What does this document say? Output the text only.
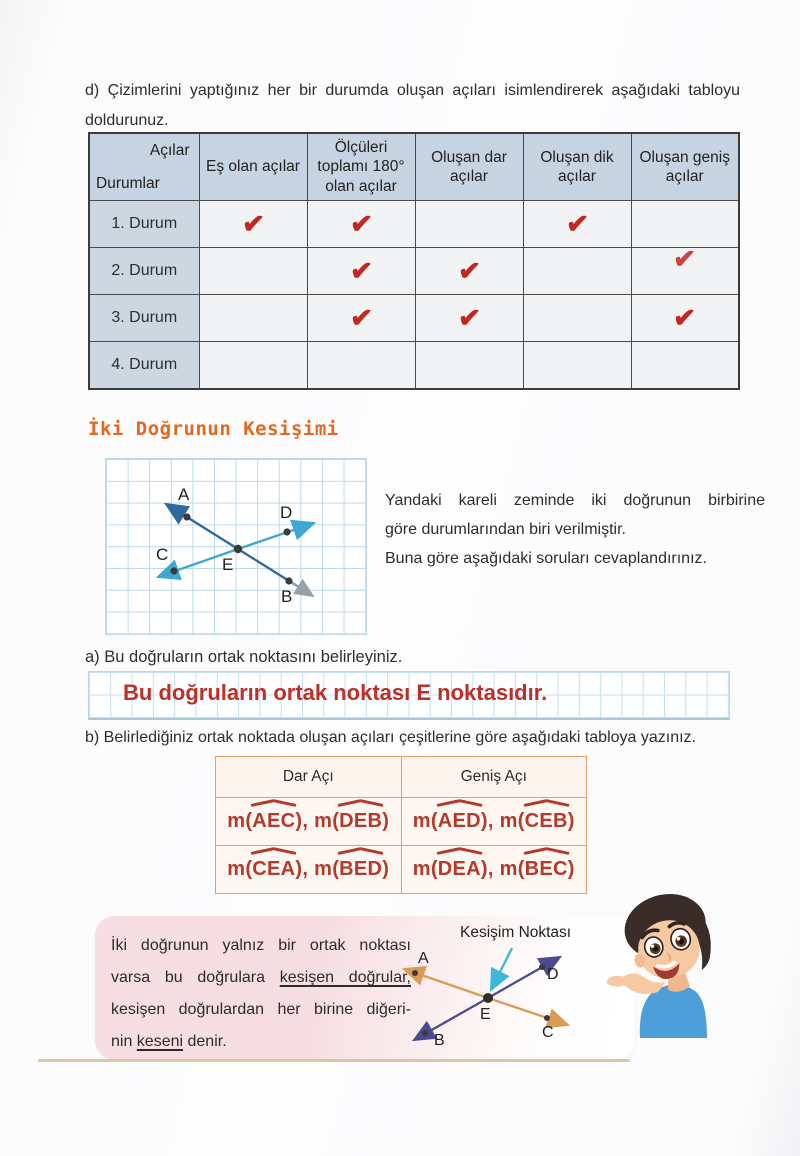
d) Çizimlerini yaptığınız her bir durumda oluşan açıları isimlendirerek aşağıdaki tabloyu
doldurunuz.
Açılar
Durumlar	Eş olan açılar	Ölçüleri toplamı 180° olan açılar	Oluşan dar açılar	Oluşan dik açılar	Oluşan geniş açılar
1. Durum	✔	✔		✔	
2. Durum		✔	✔		✔
3. Durum		✔	✔		✔
4. Durum					
İki Doğrunun Kesişimi
A
D
C
E
B
Yandaki kareli zeminde iki doğrunun birbirine
göre durumlarından biri verilmiştir.
Buna göre aşağıdaki soruları cevaplandırınız.
a) Bu doğruların ortak noktasını belirleyiniz.
Bu doğruların ortak noktası E noktasıdır.
b) Belirlediğiniz ortak noktada oluşan açıları çeşitlerine göre aşağıdaki tabloya yazınız.
Dar Açı	Geniş Açı
m(AEC), m(DEB)	m(AED), m(CEB)
m(CEA), m(BED)	m(DEA), m(BEC)
İki doğrunun yalnız bir ortak noktası
varsa bu doğrulara kesişen doğrular,
kesişen doğrulardan her birine diğeri-
nin keseni denir.
Kesişim Noktası
A
B	C
D
E
